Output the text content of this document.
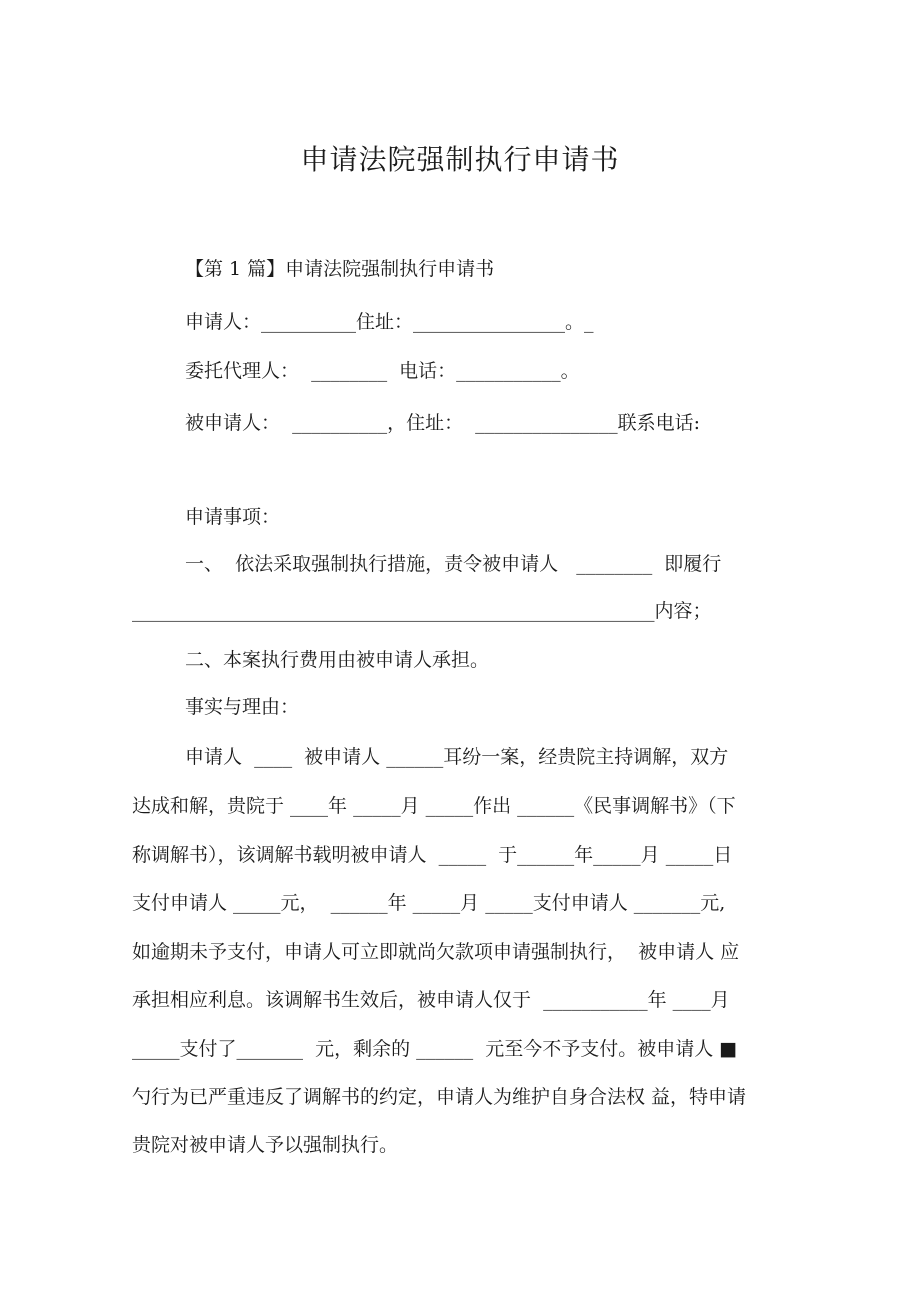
申请法院强制执行申请书
【第 1 篇】申请法院强制执行申请书
申请人：__________住址：________________。_
委托代理人：  ________  电话：___________。
被申请人：  __________，住址：  _______________联系电话:
申请事项：
一、  依法采取强制执行措施，责令被申请人   ________  即履行
_______________________________________________________内容；
二、本案执行费用由被申请人承担。
事实与理由：
申请人  ____  被申请人 ______耳纷一案，经贵院主持调解，双方
达成和解，贵院于 ____年 _____月 _____作出 ______《民事调解书》（下
称调解书），该调解书载明被申请人  _____  于______年_____月 _____日
支付申请人 _____元，  ______年 _____月 _____支付申请人 _______元,
如逾期未予支付，申请人可立即就尚欠款项申请强制执行，  被申请人 应
承担相应利息。该调解书生效后，被申请人仅于  ___________年 ____月
_____支付了_______  元，剩余的 ______  元至今不予支付。被申请人 ■
勺行为已严重违反了调解书的约定，申请人为维护自身合法权 益，特申请
贵院对被申请人予以强制执行。
